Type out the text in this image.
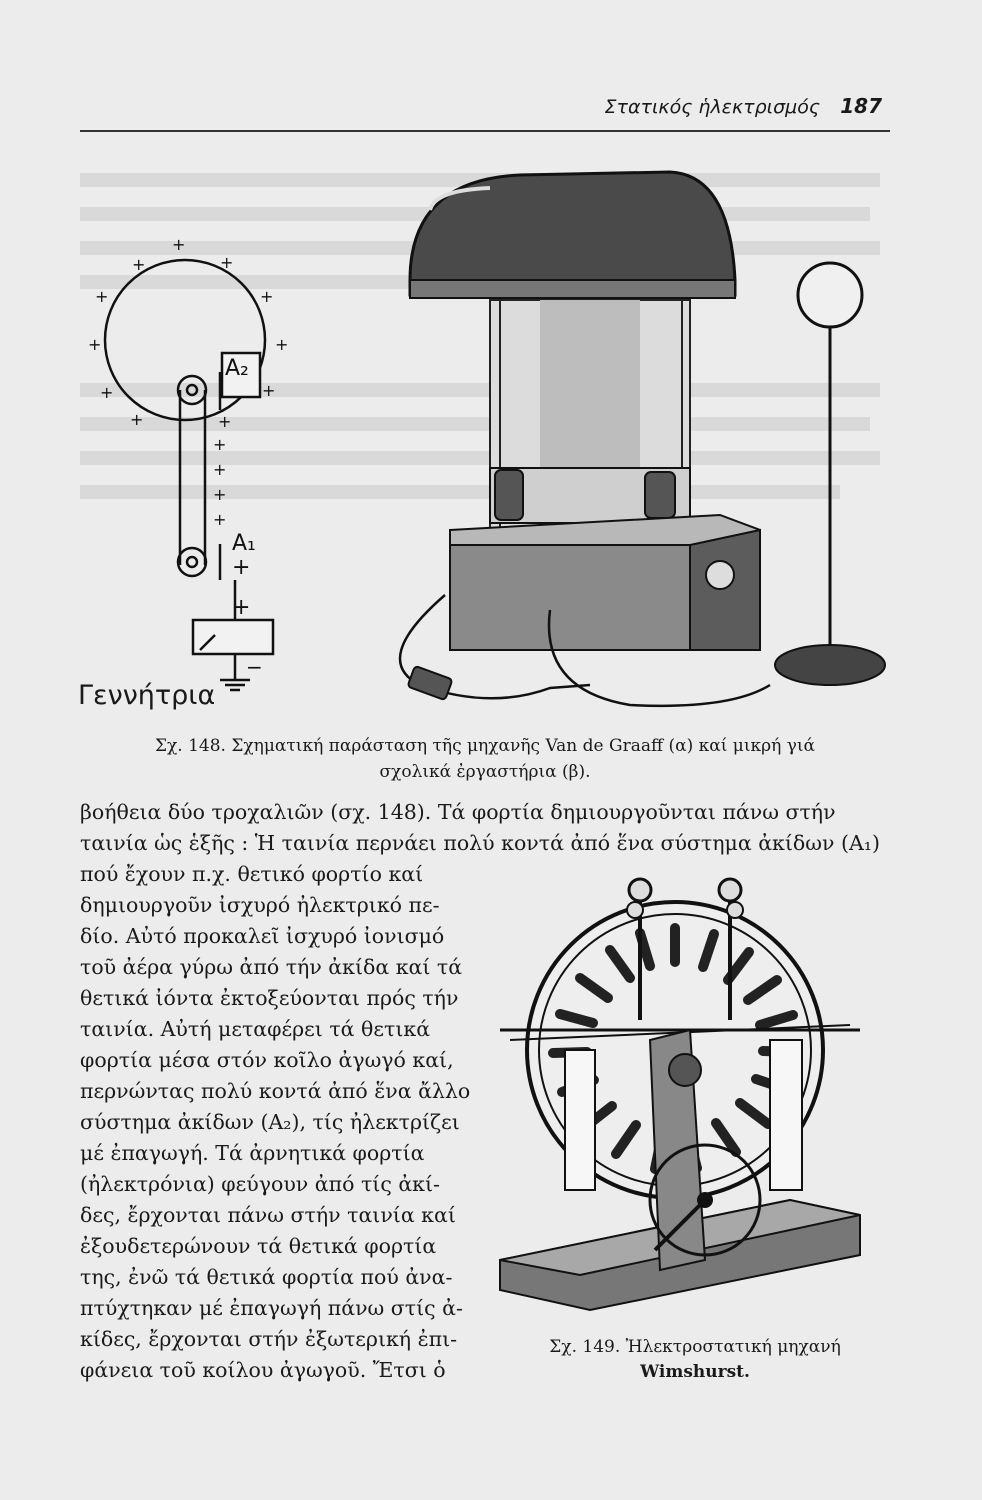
Στατικός ἡλεκτρισμός 187
+
+
+
+	+
+	+
+	+
+	+
+
+
+
+
A₂
A₁
+
+
−
Γεννήτρια
Σχ. 148. Σχηματική παράσταση τῆς μηχανῆς Van de Graaff (α) καί μικρή γιά
σχολικά ἐργαστήρια (β).
βοήθεια δύο τροχαλιῶν (σχ. 148). Τά φορτία δημιουργοῦνται πάνω στήν
ταινία ὡς ἑξῆς : Ἡ ταινία περνάει πολύ κοντά ἀπό ἕνα σύστημα ἀκίδων (A₁)
πού ἔχουν π.χ. θετικό φορτίο καί
δημιουργοῦν ἰσχυρό ἠλεκτρικό πε-
δίο. Αὐτό προκαλεῖ ἰσχυρό ἰονισμό
τοῦ ἀέρα γύρω ἀπό τήν ἀκίδα καί τά
θετικά ἰόντα ἐκτοξεύονται πρός τήν
ταινία. Αὐτή μεταφέρει τά θετικά
φορτία μέσα στόν κοῖλο ἀγωγό καί,
περνώντας πολύ κοντά ἀπό ἕνα ἄλλο
σύστημα ἀκίδων (A₂), τίς ἠλεκτρίζει
μέ ἐπαγωγή. Τά ἀρνητικά φορτία
(ἠλεκτρόνια) φεύγουν ἀπό τίς ἀκί-
δες, ἔρχονται πάνω στήν ταινία καί
ἐξουδετερώνουν τά θετικά φορτία
της, ἐνῶ τά θετικά φορτία πού ἀνα-
πτύχτηκαν μέ ἐπαγωγή πάνω στίς ἀ-
κίδες, ἔρχονται στήν ἐξωτερική ἐπι-
φάνεια τοῦ κοίλου ἀγωγοῦ. Ἔτσι ὁ
Σχ. 149. Ἠλεκτροστατική μηχανή
Wimshurst.
